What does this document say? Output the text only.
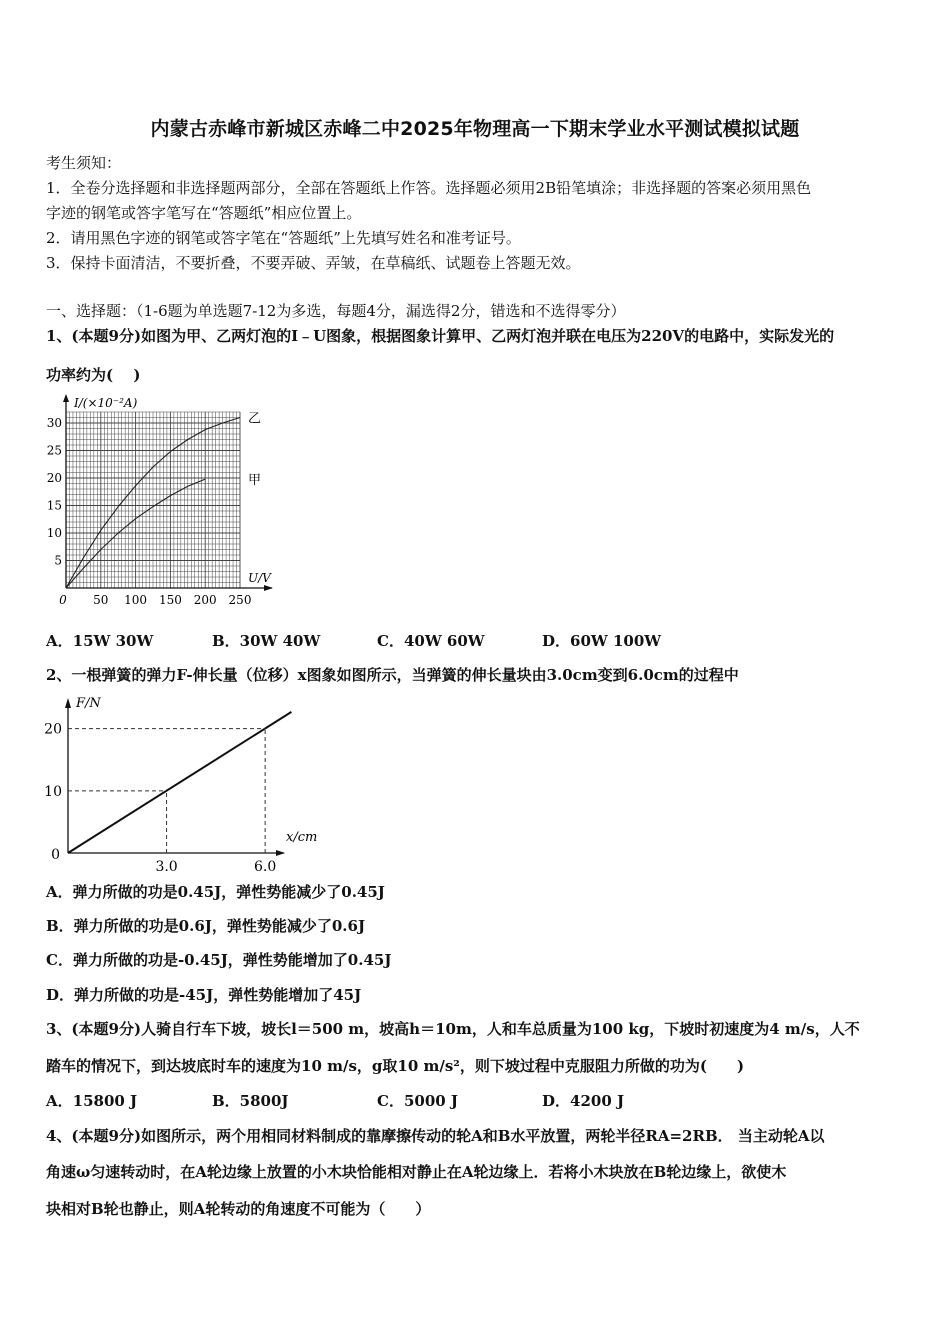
内蒙古赤峰市新城区赤峰二中2025年物理高一下期末学业水平测试模拟试题
考生须知：
1．全卷分选择题和非选择题两部分，全部在答题纸上作答。选择题必须用2B铅笔填涂；非选择题的答案必须用黑色
字迹的钢笔或答字笔写在“答题纸”相应位置上。
2．请用黑色字迹的钢笔或答字笔在“答题纸”上先填写姓名和准考证号。
3．保持卡面清洁，不要折叠，不要弄破、弄皱，在草稿纸、试题卷上答题无效。
一、选择题：（1-6题为单选题7-12为多选，每题4分，漏选得2分，错选和不选得零分）
1、(本题9分)如图为甲、乙两灯泡的I﹣U图象，根据图象计算甲、乙两灯泡并联在电压为220V的电路中，实际发光的
功率约为(　 )
5
10
15
20
25
30
0 50 100 150 200 250
I/(×10⁻²A)
U/V
乙
甲
A．15W 30W	B．30W 40W	C．40W 60W	D．60W 100W
2、一根弹簧的弹力F-伸长量（位移）x图象如图所示，当弹簧的伸长量块由3.0cm变到6.0cm的过程中
3.0	6.0
10
20
0
F/N
x/cm
A．弹力所做的功是0.45J，弹性势能减少了0.45J
B．弹力所做的功是0.6J，弹性势能减少了0.6J
C．弹力所做的功是-0.45J，弹性势能增加了0.45J
D．弹力所做的功是-45J，弹性势能增加了45J
3、(本题9分)人骑自行车下坡，坡长l＝500 m，坡高h＝10m，人和车总质量为100 kg，下坡时初速度为4 m/s，人不
踏车的情况下，到达坡底时车的速度为10 m/s，g取10 m/s²，则下坡过程中克服阻力所做的功为(　　)
A．15800 J	B．5800J	C．5000 J	D．4200 J
4、(本题9分)如图所示，两个用相同材料制成的靠摩擦传动的轮A和B水平放置，两轮半径RA=2RB． 当主动轮A以
角速ω匀速转动时，在A轮边缘上放置的小木块恰能相对静止在A轮边缘上．若将小木块放在B轮边缘上，欲使木
块相对B轮也静止，则A轮转动的角速度不可能为（　　）
